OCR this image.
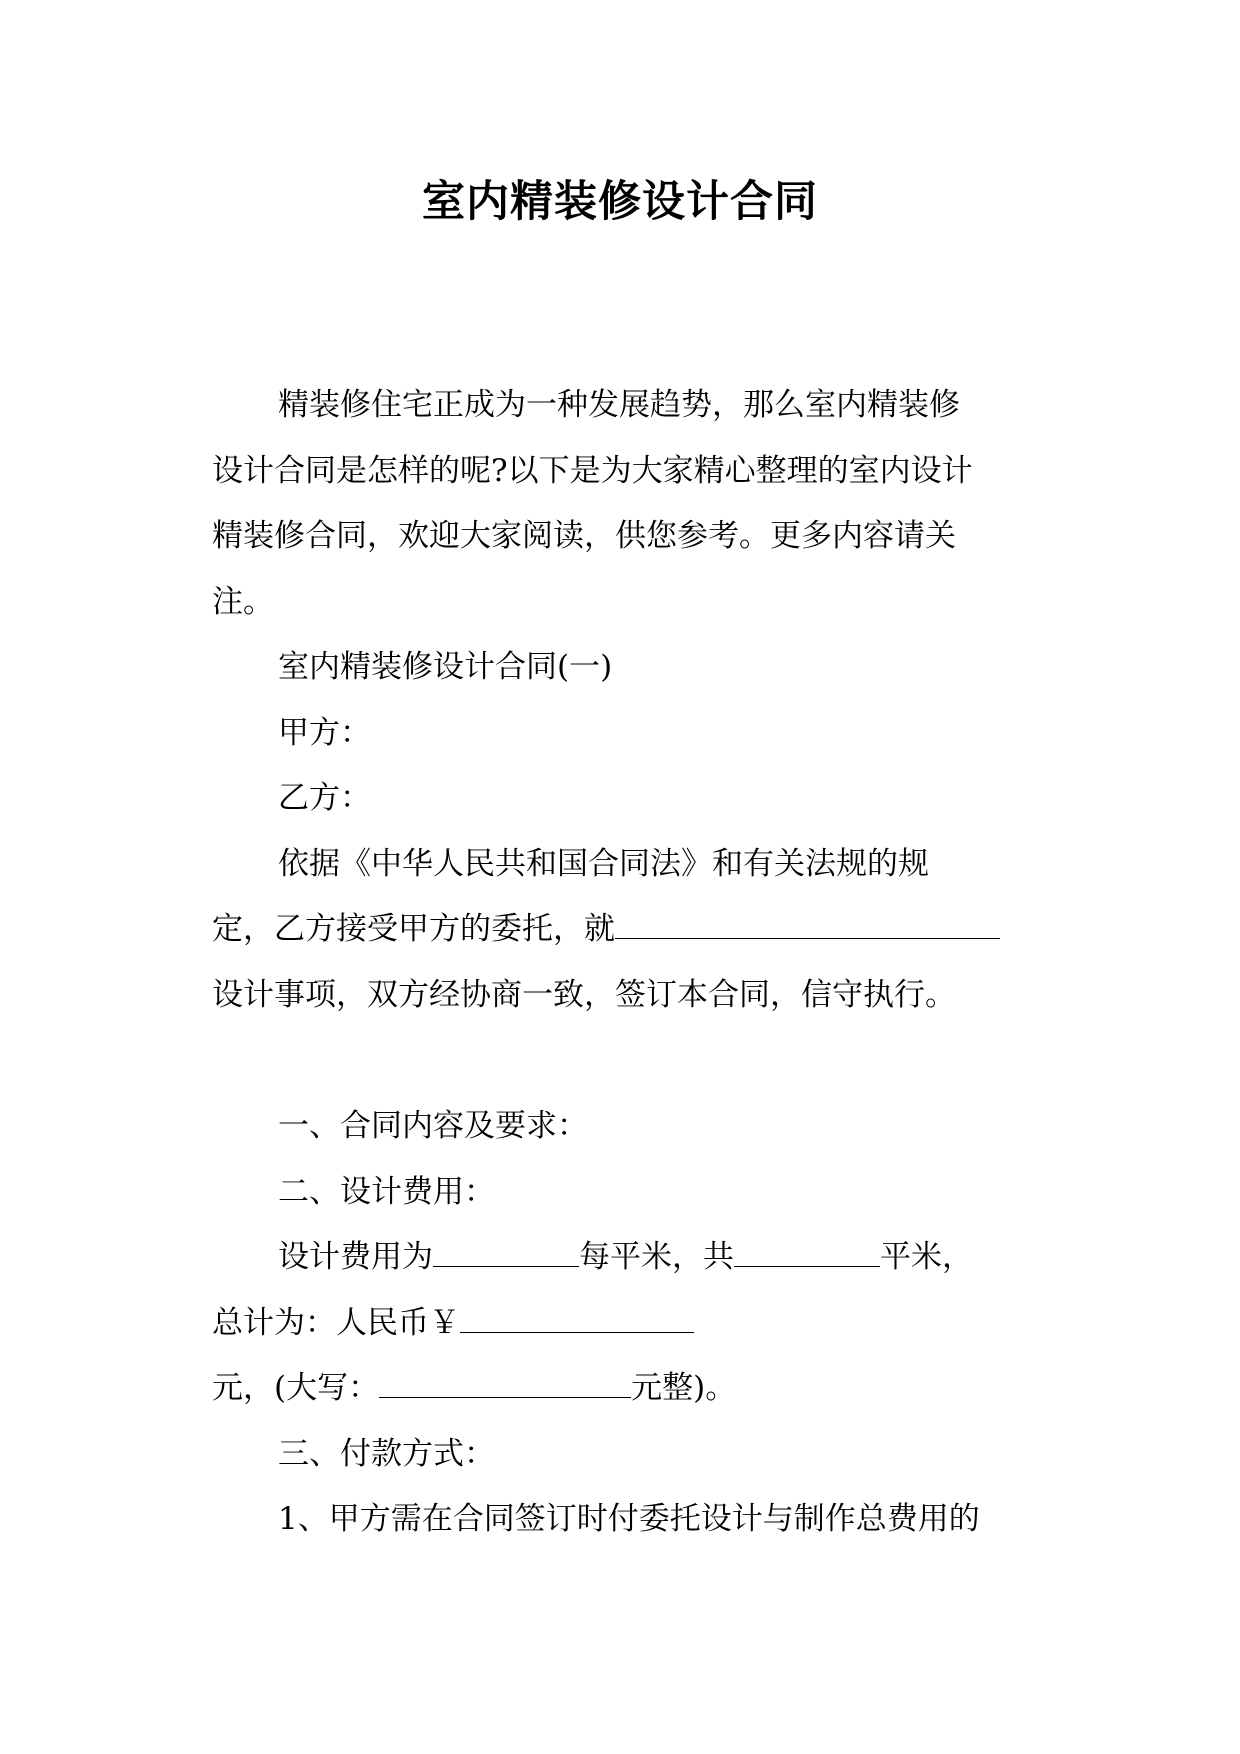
室内精装修设计合同
精装修住宅正成为一种发展趋势，那么室内精装修
设计合同是怎样的呢?以下是为大家精心整理的室内设计
精装修合同，欢迎大家阅读，供您参考。更多内容请关
注。
室内精装修设计合同(一)
甲方：
乙方：
依据《中华人民共和国合同法》和有关法规的规
定，乙方接受甲方的委托，就
设计事项，双方经协商一致，签订本合同，信守执行。
一、合同内容及要求：
二、设计费用：
设计费用为	每平米，共	平米，
总计为：人民币￥
元，(大写：	元整)。
三、付款方式：
1、甲方需在合同签订时付委托设计与制作总费用的
